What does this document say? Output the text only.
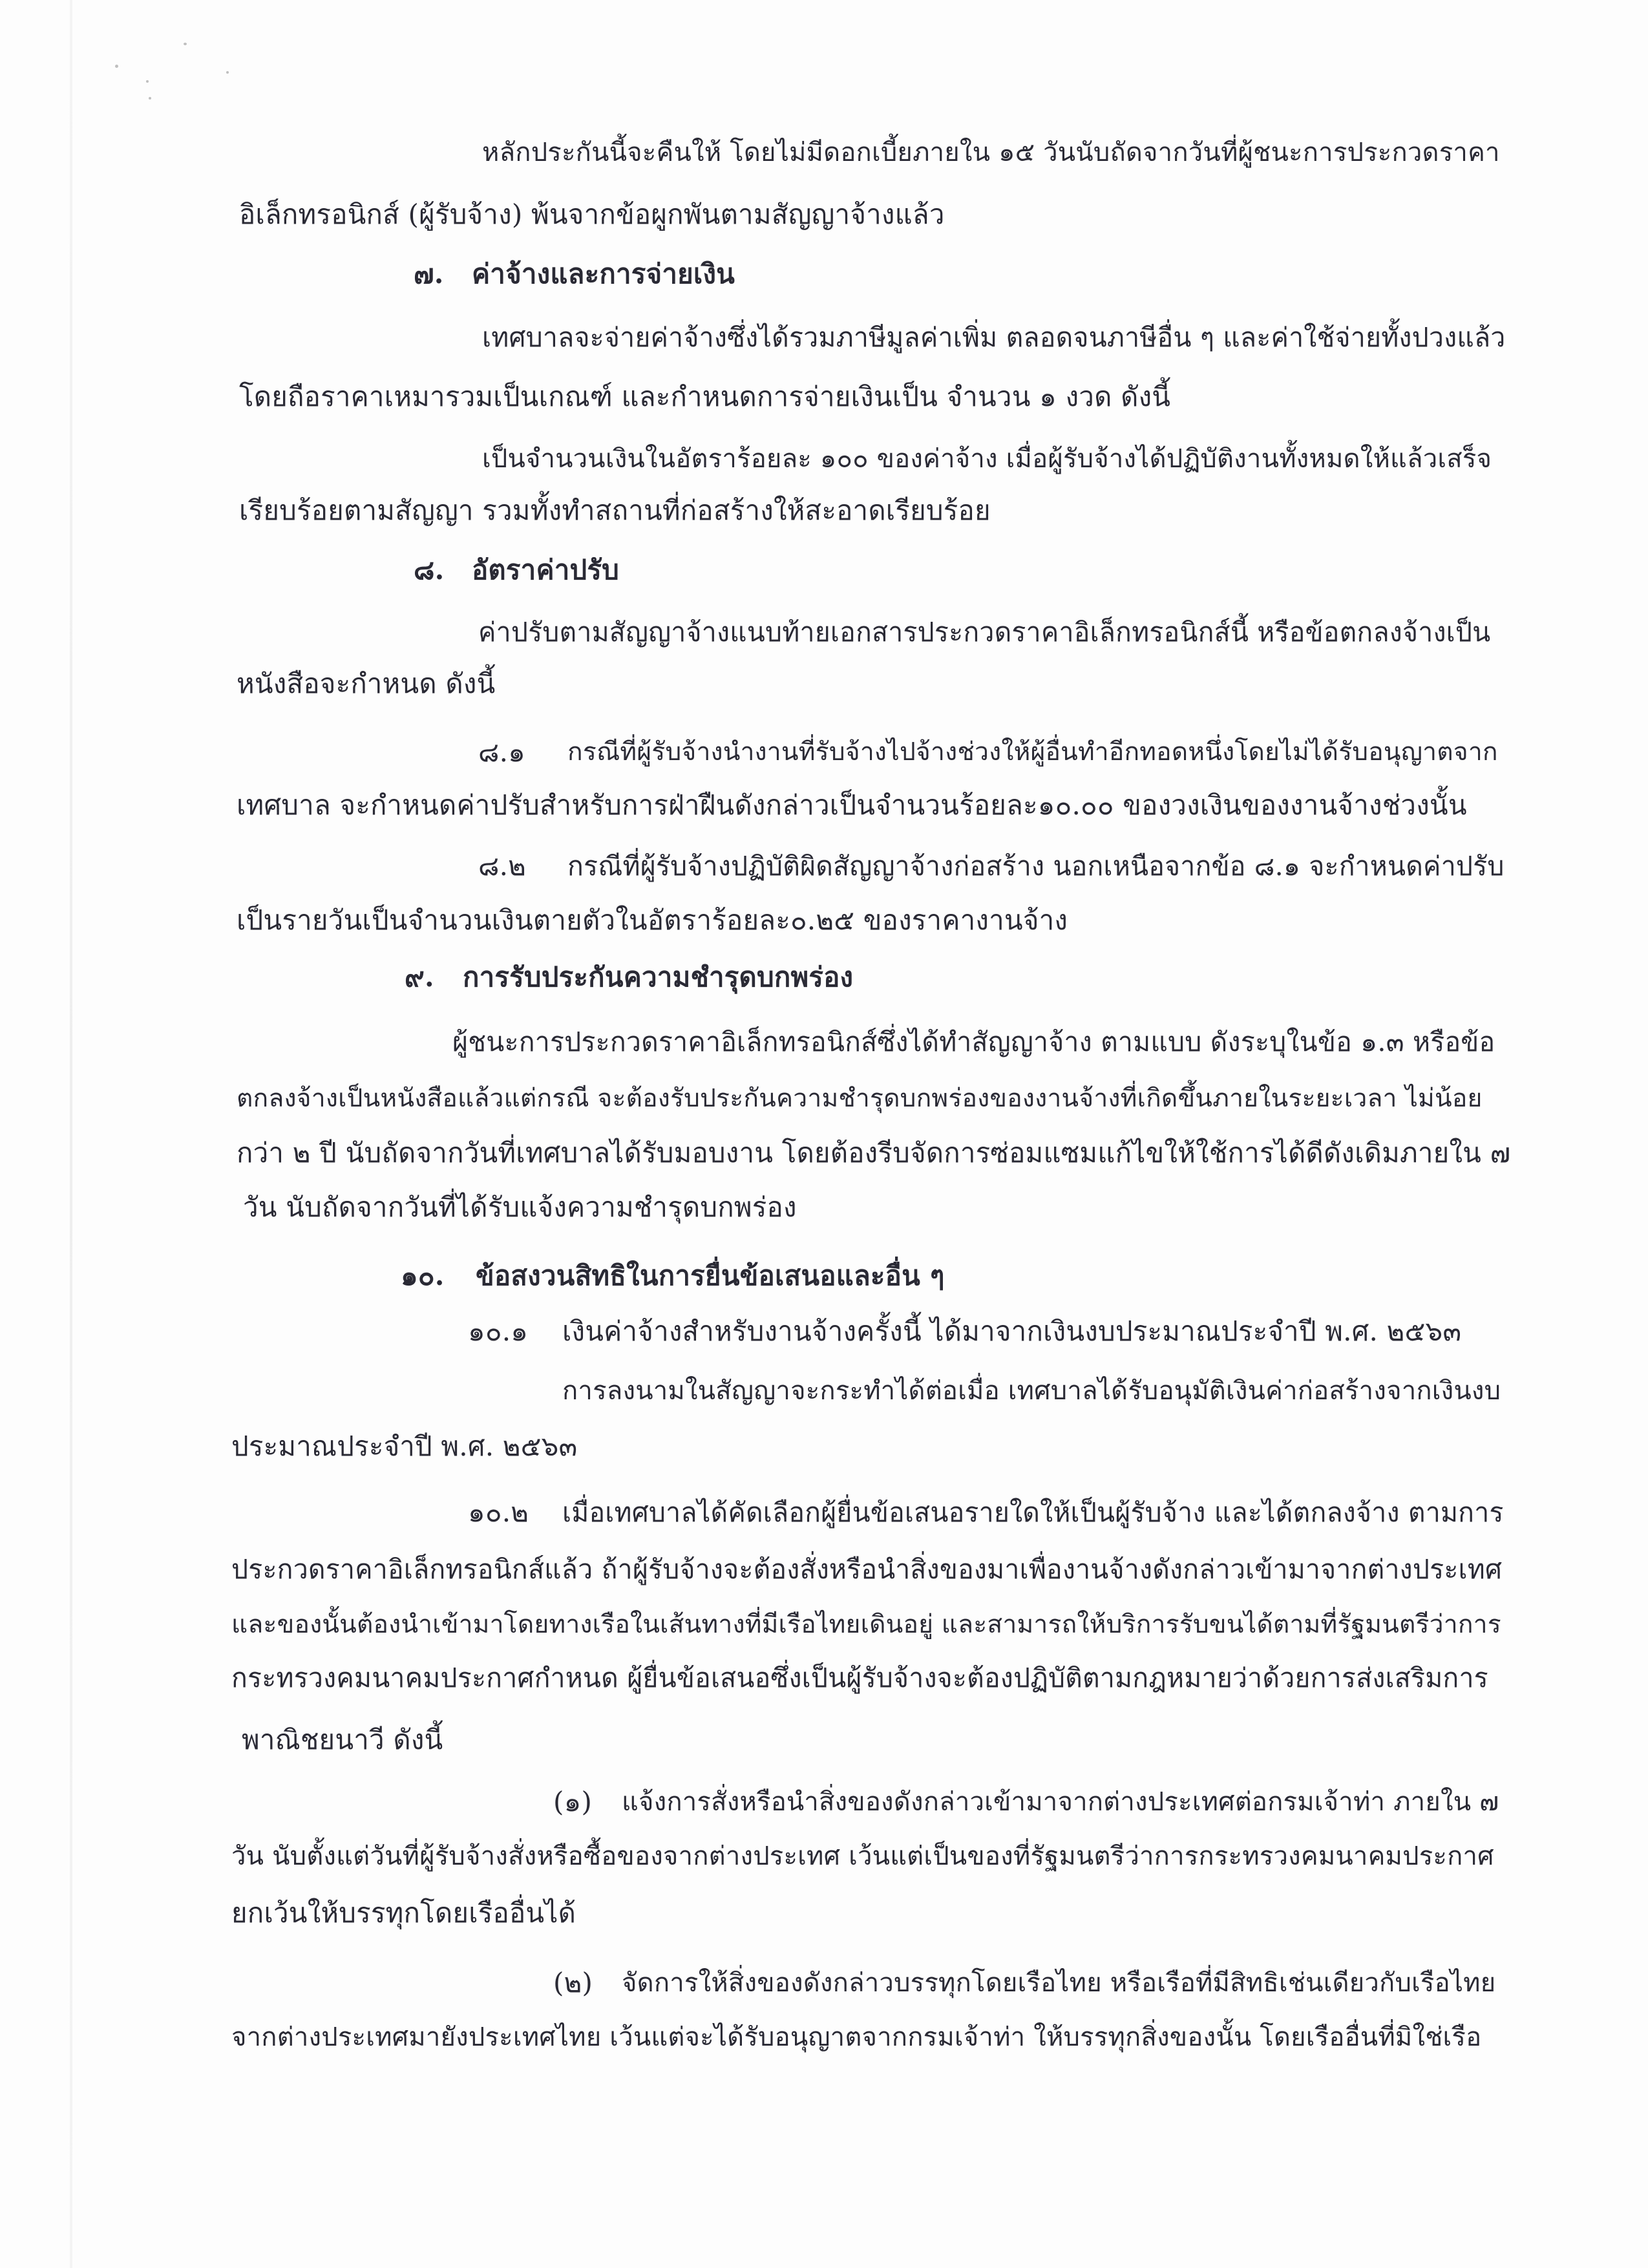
หลักประกันนี้จะคืนให้ โดยไม่มีดอกเบี้ยภายใน ๑๕ วันนับถัดจากวันที่ผู้ชนะการประกวดราคา
อิเล็กทรอนิกส์ (ผู้รับจ้าง) พ้นจากข้อผูกพันตามสัญญาจ้างแล้ว
๗. ค่าจ้างและการจ่ายเงิน
เทศบาลจะจ่ายค่าจ้างซึ่งได้รวมภาษีมูลค่าเพิ่ม ตลอดจนภาษีอื่น ๆ และค่าใช้จ่ายทั้งปวงแล้ว
โดยถือราคาเหมารวมเป็นเกณฑ์ และกำหนดการจ่ายเงินเป็น จำนวน ๑ งวด ดังนี้
เป็นจำนวนเงินในอัตราร้อยละ ๑๐๐ ของค่าจ้าง เมื่อผู้รับจ้างได้ปฏิบัติงานทั้งหมดให้แล้วเสร็จ
เรียบร้อยตามสัญญา รวมทั้งทำสถานที่ก่อสร้างให้สะอาดเรียบร้อย
๘. อัตราค่าปรับ
ค่าปรับตามสัญญาจ้างแนบท้ายเอกสารประกวดราคาอิเล็กทรอนิกส์นี้ หรือข้อตกลงจ้างเป็น
หนังสือจะกำหนด ดังนี้
๘.๑ กรณีที่ผู้รับจ้างนำงานที่รับจ้างไปจ้างช่วงให้ผู้อื่นทำอีกทอดหนึ่งโดยไม่ได้รับอนุญาตจาก
เทศบาล จะกำหนดค่าปรับสำหรับการฝ่าฝืนดังกล่าวเป็นจำนวนร้อยละ๑๐.๐๐ ของวงเงินของงานจ้างช่วงนั้น
๘.๒ กรณีที่ผู้รับจ้างปฏิบัติผิดสัญญาจ้างก่อสร้าง นอกเหนือจากข้อ ๘.๑ จะกำหนดค่าปรับ
เป็นรายวันเป็นจำนวนเงินตายตัวในอัตราร้อยละ๐.๒๕ ของราคางานจ้าง
๙. การรับประกันความชำรุดบกพร่อง
ผู้ชนะการประกวดราคาอิเล็กทรอนิกส์ซึ่งได้ทำสัญญาจ้าง ตามแบบ ดังระบุในข้อ ๑.๓ หรือข้อ
ตกลงจ้างเป็นหนังสือแล้วแต่กรณี จะต้องรับประกันความชำรุดบกพร่องของงานจ้างที่เกิดขึ้นภายในระยะเวลา ไม่น้อย
กว่า ๒ ปี นับถัดจากวันที่เทศบาลได้รับมอบงาน โดยต้องรีบจัดการซ่อมแซมแก้ไขให้ใช้การได้ดีดังเดิมภายใน ๗
วัน นับถัดจากวันที่ได้รับแจ้งความชำรุดบกพร่อง
๑๐. ข้อสงวนสิทธิในการยื่นข้อเสนอและอื่น ๆ
๑๐.๑ เงินค่าจ้างสำหรับงานจ้างครั้งนี้ ได้มาจากเงินงบประมาณประจำปี พ.ศ. ๒๕๖๓
การลงนามในสัญญาจะกระทำได้ต่อเมื่อ เทศบาลได้รับอนุมัติเงินค่าก่อสร้างจากเงินงบ
ประมาณประจำปี พ.ศ. ๒๕๖๓
๑๐.๒ เมื่อเทศบาลได้คัดเลือกผู้ยื่นข้อเสนอรายใดให้เป็นผู้รับจ้าง และได้ตกลงจ้าง ตามการ
ประกวดราคาอิเล็กทรอนิกส์แล้ว ถ้าผู้รับจ้างจะต้องสั่งหรือนำสิ่งของมาเพื่องานจ้างดังกล่าวเข้ามาจากต่างประเทศ
และของนั้นต้องนำเข้ามาโดยทางเรือในเส้นทางที่มีเรือไทยเดินอยู่ และสามารถให้บริการรับขนได้ตามที่รัฐมนตรีว่าการ
กระทรวงคมนาคมประกาศกำหนด ผู้ยื่นข้อเสนอซึ่งเป็นผู้รับจ้างจะต้องปฏิบัติตามกฎหมายว่าด้วยการส่งเสริมการ
พาณิชยนาวี ดังนี้
(๑) แจ้งการสั่งหรือนำสิ่งของดังกล่าวเข้ามาจากต่างประเทศต่อกรมเจ้าท่า ภายใน ๗
วัน นับตั้งแต่วันที่ผู้รับจ้างสั่งหรือซื้อของจากต่างประเทศ เว้นแต่เป็นของที่รัฐมนตรีว่าการกระทรวงคมนาคมประกาศ
ยกเว้นให้บรรทุกโดยเรืออื่นได้
(๒) จัดการให้สิ่งของดังกล่าวบรรทุกโดยเรือไทย หรือเรือที่มีสิทธิเช่นเดียวกับเรือไทย
จากต่างประเทศมายังประเทศไทย เว้นแต่จะได้รับอนุญาตจากกรมเจ้าท่า ให้บรรทุกสิ่งของนั้น โดยเรืออื่นที่มิใช่เรือ
